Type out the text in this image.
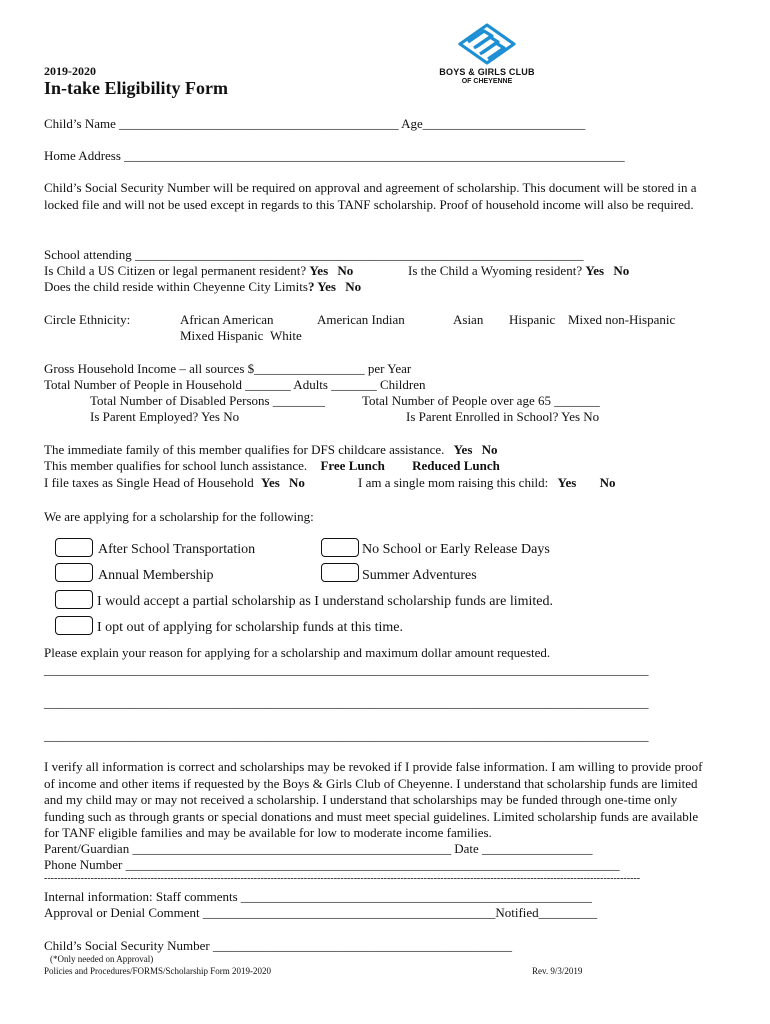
BOYS & GIRLS CLUB
OF CHEYENNE
2019-2020
In-take Eligibility Form
Child’s Name ___________________________________________ Age_________________________
Home Address _____________________________________________________________________________
Child’s Social Security Number will be required on approval and agreement of scholarship. This document will be stored in a locked file and will not be used except in regards to this TANF scholarship. Proof of household income will also be required.
School attending _____________________________________________________________________
Is Child a US Citizen or legal permanent resident? Yes No	Is the Child a Wyoming resident? Yes No
Does the child reside within Cheyenne City Limits? Yes No
Circle Ethnicity:	African American	American Indian	Asian Hispanic Mixed non-Hispanic
Mixed Hispanic White
Gross Household Income – all sources $_________________ per Year
Total Number of People in Household _______ Adults _______ Children
Total Number of Disabled Persons ________	Total Number of People over age 65 _______
Is Parent Employed? Yes No	Is Parent Enrolled in School? Yes No
The immediate family of this member qualifies for DFS childcare assistance. Yes No
This member qualifies for school lunch assistance. Free Lunch Reduced Lunch
I file taxes as Single Head of Household Yes No	I am a single mom raising this child: Yes No
We are applying for a scholarship for the following:
After School Transportation	No School or Early Release Days
Annual Membership	Summer Adventures
I would accept a partial scholarship as I understand scholarship funds are limited.
I opt out of applying for scholarship funds at this time.
Please explain your reason for applying for a scholarship and maximum dollar amount requested.
_____________________________________________________________________________________________
_____________________________________________________________________________________________
_____________________________________________________________________________________________
I verify all information is correct and scholarships may be revoked if I provide false information. I am willing to provide proof of income and other items if requested by the Boys & Girls Club of Cheyenne. I understand that scholarship funds are limited and my child may or may not received a scholarship. I understand that scholarships may be funded through one-time only funding such as through grants or special donations and must meet special guidelines. Limited scholarship funds are available for TANF eligible families and may be available for low to moderate income families.
Parent/Guardian _________________________________________________ Date _________________
Phone Number ____________________________________________________________________________
-----------------------------------------------------------------------------------------------------------------------------------------------------------------------------------
Internal information: Staff comments ______________________________________________________
Approval or Denial Comment _____________________________________________Notified_________
Child’s Social Security Number ______________________________________________
(*Only needed on Approval)
Policies and Procedures/FORMS/Scholarship Form 2019-2020	Rev. 9/3/2019
